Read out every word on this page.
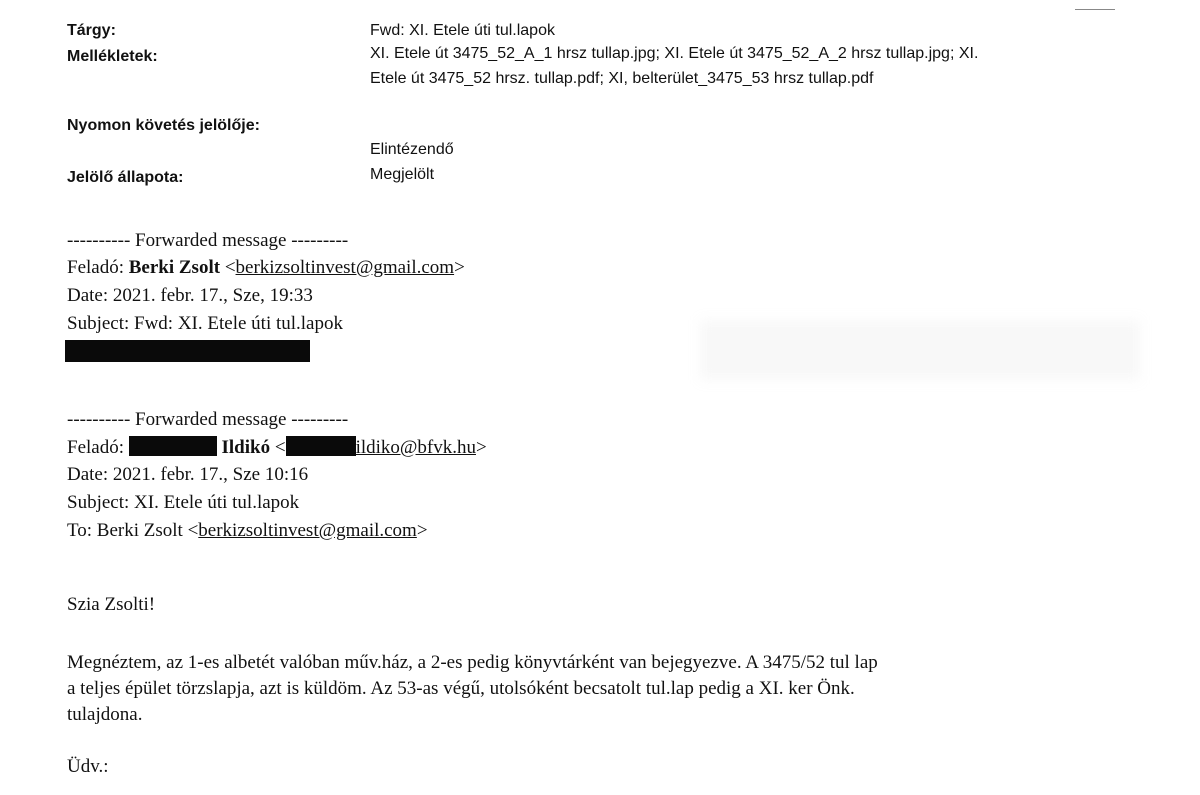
Tárgy:	Fwd: XI. Etele úti tul.lapok
Mellékletek:	XI. Etele út 3475_52_A_1 hrsz tullap.jpg; XI. Etele út 3475_52_A_2 hrsz tullap.jpg; XI.
Etele út 3475_52 hrsz. tullap.pdf; XI, belterület_3475_53 hrsz tullap.pdf
Nyomon követés jelölője:
Elintézendő
Jelölő állapota:	Megjelölt
---------- Forwarded message ---------
Feladó: Berki Zsolt <berkizsoltinvest@gmail.com>
Date: 2021. febr. 17., Sze, 19:33
Subject: Fwd: XI. Etele úti tul.lapok
---------- Forwarded message ---------
Feladó:	Ildikó <	ildiko@bfvk.hu>
Date: 2021. febr. 17., Sze 10:16
Subject: XI. Etele úti tul.lapok
To: Berki Zsolt <berkizsoltinvest@gmail.com>
Szia Zsolti!
Megnéztem, az 1-es albetét valóban műv.ház, a 2-es pedig könyvtárként van bejegyezve. A 3475/52 tul lap
a teljes épület törzslapja, azt is küldöm. Az 53-as végű, utolsóként becsatolt tul.lap pedig a XI. ker Önk.
tulajdona.
Üdv.:
